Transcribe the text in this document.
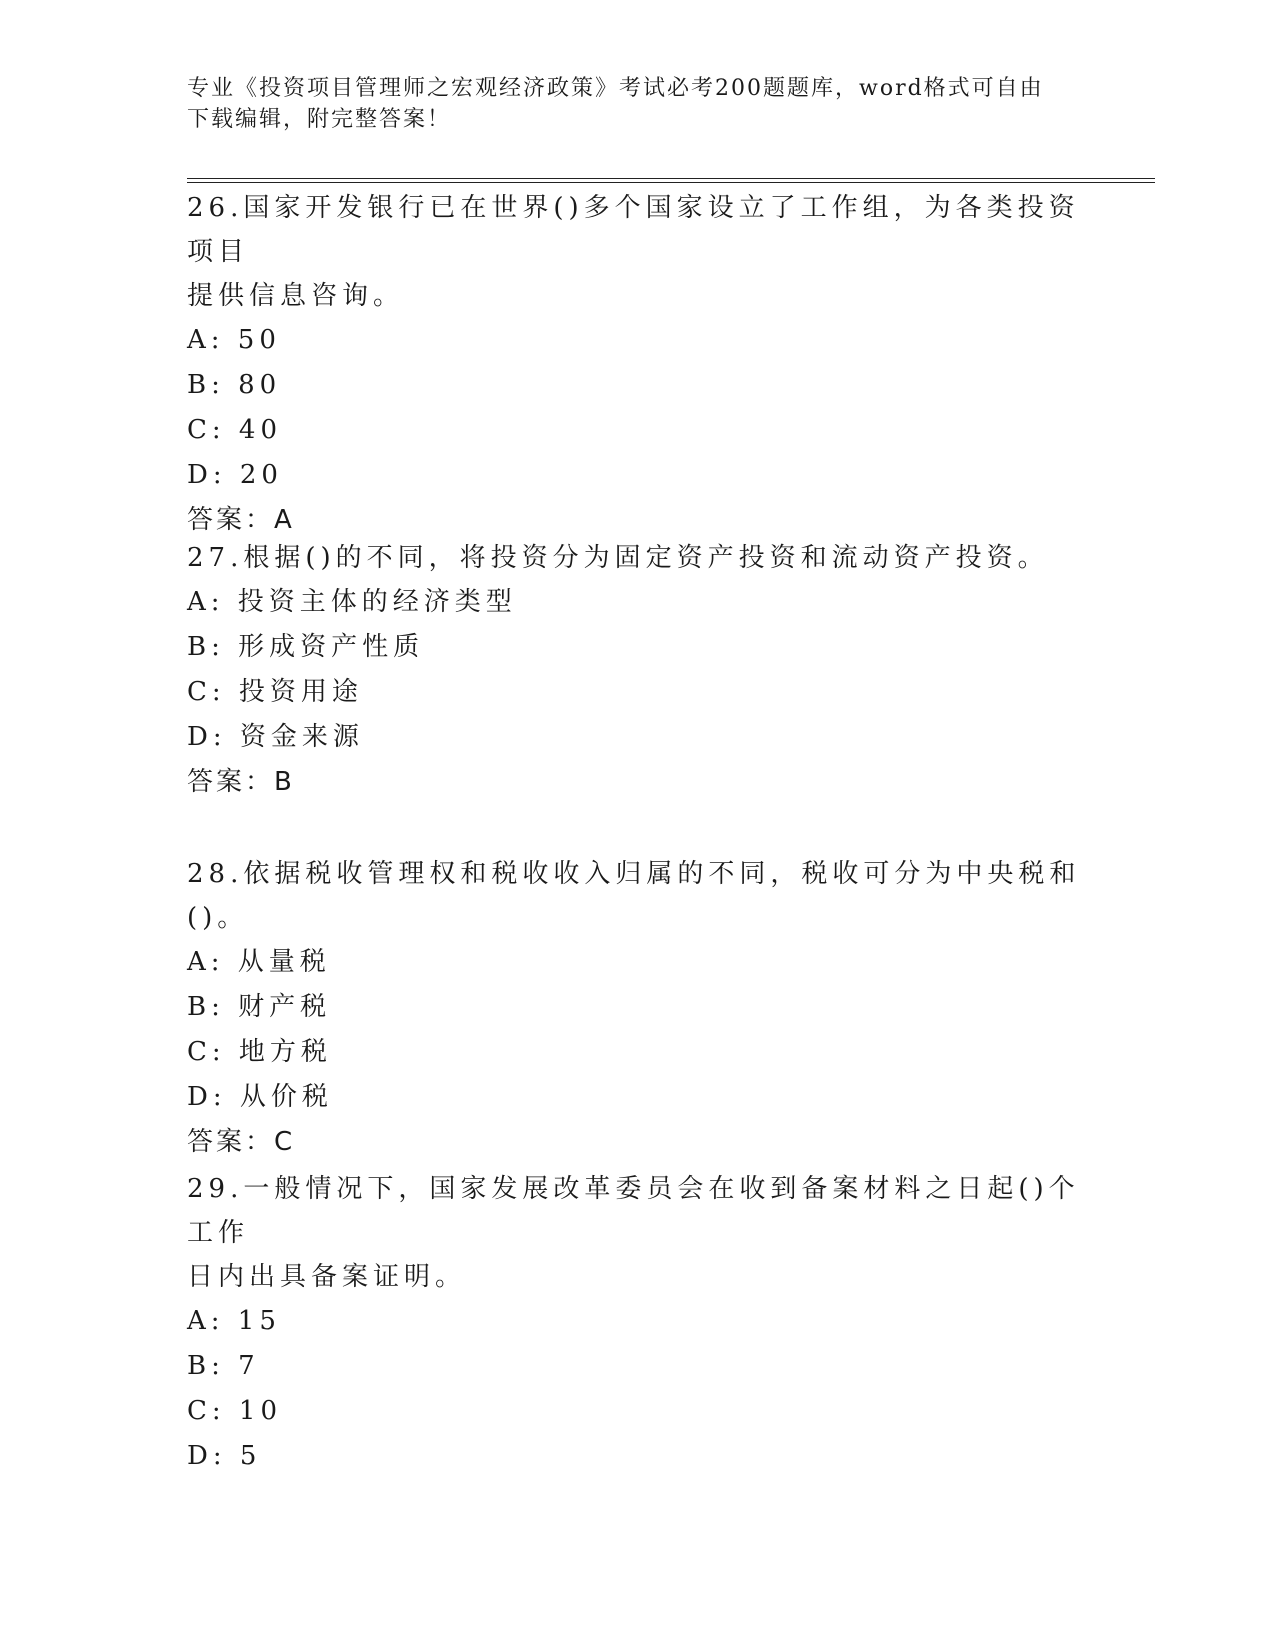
专业《投资项目管理师之宏观经济政策》考试必考200题题库，word格式可自由
下载编辑，附完整答案！

26.国家开发银行已在世界()多个国家设立了工作组，为各类投资项目

提供信息咨询。

A: 50

B: 80

C: 40

D: 20

答案：A

27.根据()的不同，将投资分为固定资产投资和流动资产投资。

A: 投资主体的经济类型

B: 形成资产性质

C: 投资用途

D: 资金来源

答案：B

28.依据税收管理权和税收收入归属的不同，税收可分为中央税和()。

A: 从量税

B: 财产税

C: 地方税

D: 从价税

答案：C

29.一般情况下，国家发展改革委员会在收到备案材料之日起()个工作

日内出具备案证明。

A: 15

B: 7

C: 10

D: 5
